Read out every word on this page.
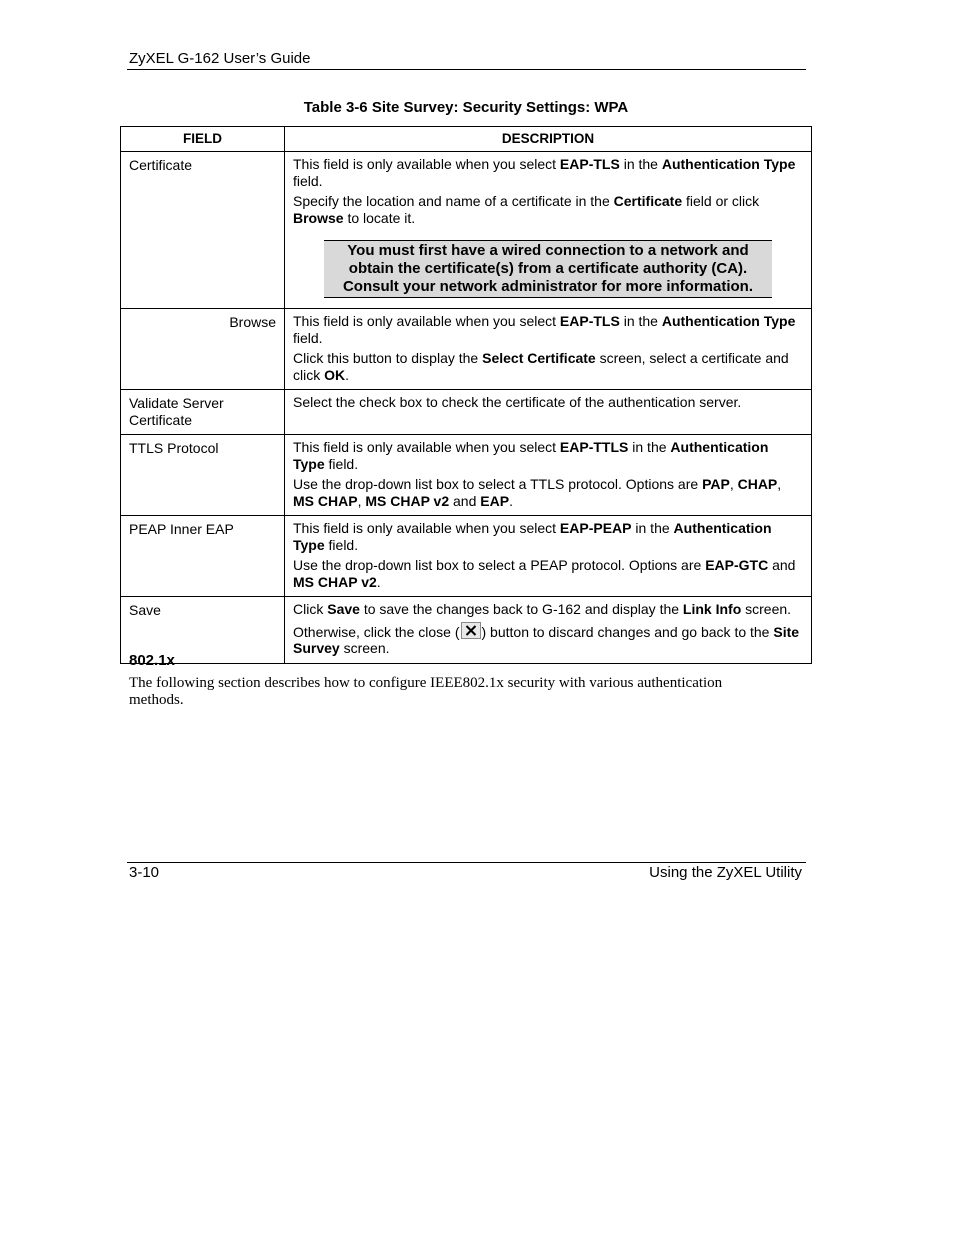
ZyXEL G-162 User’s Guide
Table 3-6 Site Survey: Security Settings: WPA
FIELD	DESCRIPTION
Certificate	This field is only available when you select EAP-TLS in the Authentication Type field.

Specify the location and name of a certificate in the Certificate field or click Browse to locate it.

You must first have a wired connection to a network and obtain the certificate(s) from a certificate authority (CA). Consult your network administrator for more information.

Browse	This field is only available when you select EAP-TLS in the Authentication Type field.

Click this button to display the Select Certificate screen, select a certificate and click OK.

Validate Server Certificate	Select the check box to check the certificate of the authentication server.

TTLS Protocol	This field is only available when you select EAP-TTLS in the Authentication Type field.

Use the drop-down list box to select a TTLS protocol. Options are PAP, CHAP, MS CHAP, MS CHAP v2 and EAP.

PEAP Inner EAP	This field is only available when you select EAP-PEAP in the Authentication Type field.

Use the drop-down list box to select a PEAP protocol. Options are EAP-GTC and MS CHAP v2.

Save	Click Save to save the changes back to G-162 and display the Link Info screen.

Otherwise, click the close ( ) button to discard changes and go back to the Site Survey screen.

802.1x
The following section describes how to configure IEEE802.1x security with various authentication methods.
3-10	Using the ZyXEL Utility
